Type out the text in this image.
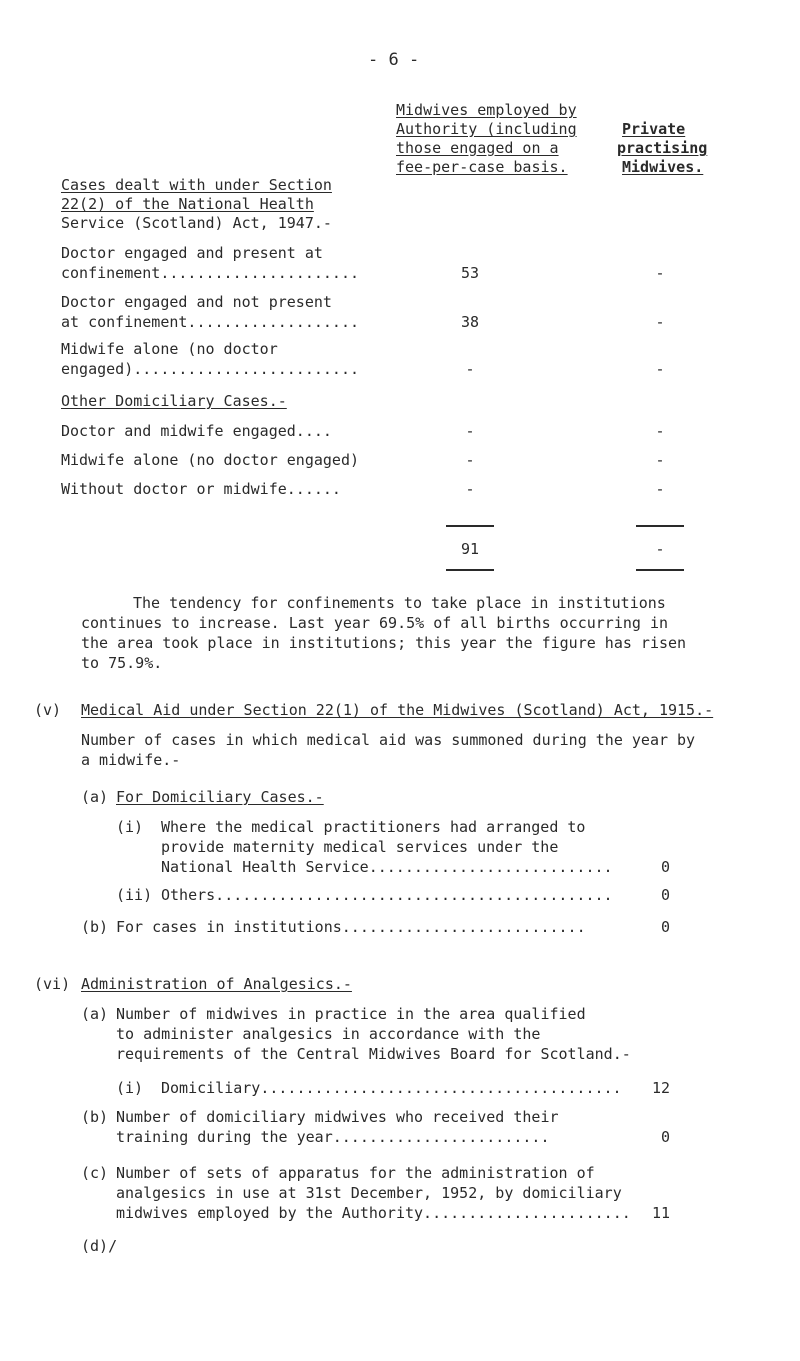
- 6 -
Midwives employed by
Authority (including
those engaged on a
fee-per-case basis.
Private
practising
Midwives.
Cases dealt with under Section
22(2) of the National Health
Service (Scotland) Act, 1947.-
Doctor engaged and present at
confinement......................	53	-
Doctor engaged and not present
at confinement...................	38	-
Midwife alone (no doctor
engaged).........................	-	-
Other Domiciliary Cases.-
Doctor and midwife engaged....	-	-
Midwife alone (no doctor engaged)	-	-
Without doctor or midwife......	-	-
91	-
The tendency for confinements to take place in institutions
continues to increase. Last year 69.5% of all births occurring in
the area took place in institutions; this year the figure has risen
to 75.9%.
(v) Medical Aid under Section 22(1) of the Midwives (Scotland) Act, 1915.-
Number of cases in which medical aid was summoned during the year by
a midwife.-
(a) For Domiciliary Cases.-
(i) Where the medical practitioners had arranged to
provide maternity medical services under the
National Health Service...........................	0
(ii) Others............................................	0
(b) For cases in institutions...........................	0
(vi) Administration of Analgesics.-
(a) Number of midwives in practice in the area qualified
to administer analgesics in accordance with the
requirements of the Central Midwives Board for Scotland.-
(i) Domiciliary........................................ 12
(b) Number of domiciliary midwives who received their
training during the year........................	0
(c) Number of sets of apparatus for the administration of
analgesics in use at 31st December, 1952, by domiciliary
midwives employed by the Authority....................... 11
(d)/
